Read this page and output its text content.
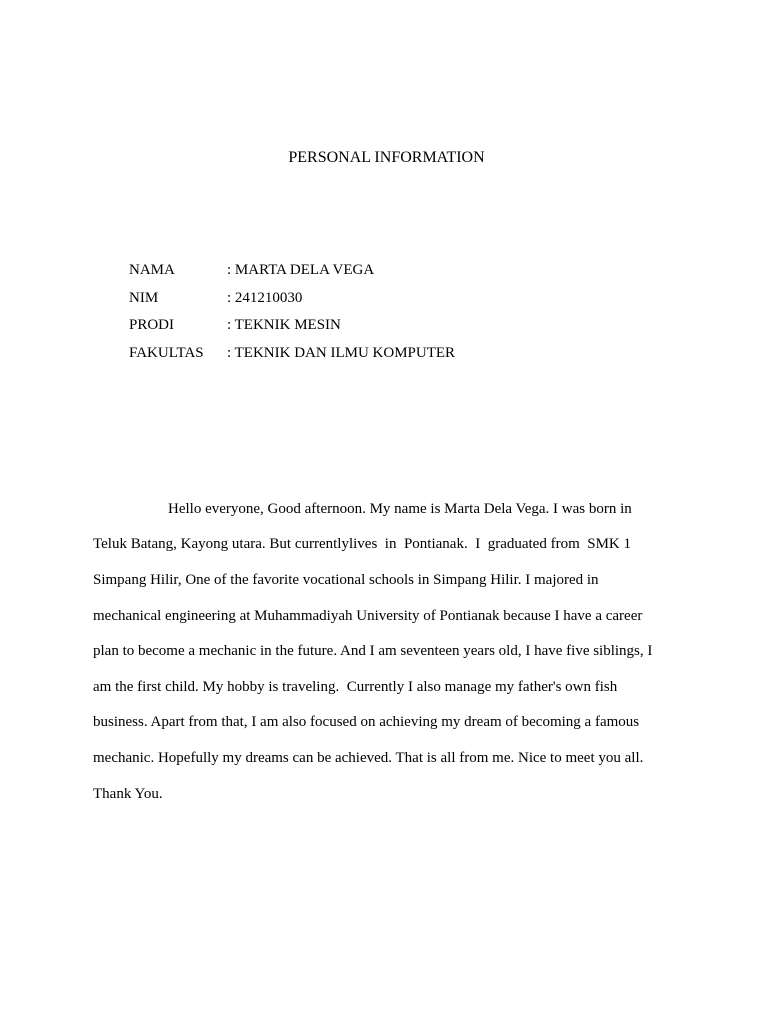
PERSONAL INFORMATION
NAMA	: MARTA DELA VEGA
NIM	: 241210030
PRODI	: TEKNIK MESIN
FAKULTAS	: TEKNIK DAN ILMU KOMPUTER

Hello everyone, Good afternoon. My name is Marta Dela Vega. I was born in

Teluk Batang, Kayong utara. But currentlylives  in  Pontianak.  I  graduated from  SMK 1

Simpang Hilir, One of the favorite vocational schools in Simpang Hilir. I majored in

mechanical engineering at Muhammadiyah University of Pontianak because I have a career

plan to become a mechanic in the future. And I am seventeen years old, I have five siblings, I

am the first child. My hobby is traveling.  Currently I also manage my father's own fish

business. Apart from that, I am also focused on achieving my dream of becoming a famous

mechanic. Hopefully my dreams can be achieved. That is all from me. Nice to meet you all.

Thank You.
